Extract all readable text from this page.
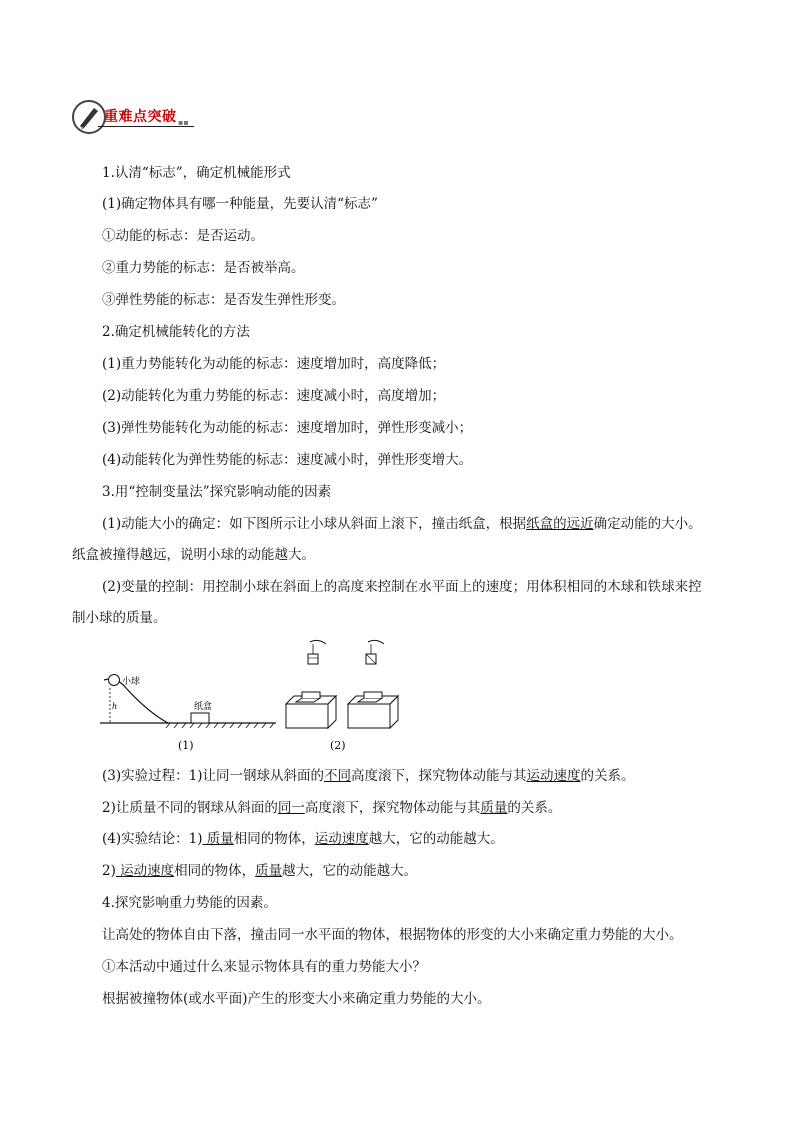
重难点突破 ▪▪
1.认清“标志”，确定机械能形式
(1)确定物体具有哪一种能量，先要认清“标志”
①动能的标志：是否运动。
②重力势能的标志：是否被举高。
③弹性势能的标志：是否发生弹性形变。
2.确定机械能转化的方法
(1)重力势能转化为动能的标志：速度增加时，高度降低；
(2)动能转化为重力势能的标志：速度减小时，高度增加；
(3)弹性势能转化为动能的标志：速度增加时，弹性形变减小；
(4)动能转化为弹性势能的标志：速度减小时，弹性形变增大。
3.用“控制变量法”探究影响动能的因素
(1)动能大小的确定：如下图所示让小球从斜面上滚下，撞击纸盒，根据纸盒的远近确定动能的大小。
纸盒被撞得越远，说明小球的动能越大。
(2)变量的控制：用控制小球在斜面上的高度来控制在水平面上的速度；用体积相同的木球和铁球来控
制小球的质量。
小球
h	纸盒
(1)	(2)
(3)实验过程：1)让同一钢球从斜面的不同高度滚下，探究物体动能与其运动速度的关系。
2)让质量不同的钢球从斜面的同一高度滚下，探究物体动能与其质量的关系。
(4)实验结论：1) 质量相同的物体，运动速度越大，它的动能越大。
2) 运动速度相同的物体，质量越大，它的动能越大。
4.探究影响重力势能的因素。
让高处的物体自由下落，撞击同一水平面的物体，根据物体的形变的大小来确定重力势能的大小。
①本活动中通过什么来显示物体具有的重力势能大小？
根据被撞物体(或水平面)产生的形变大小来确定重力势能的大小。
